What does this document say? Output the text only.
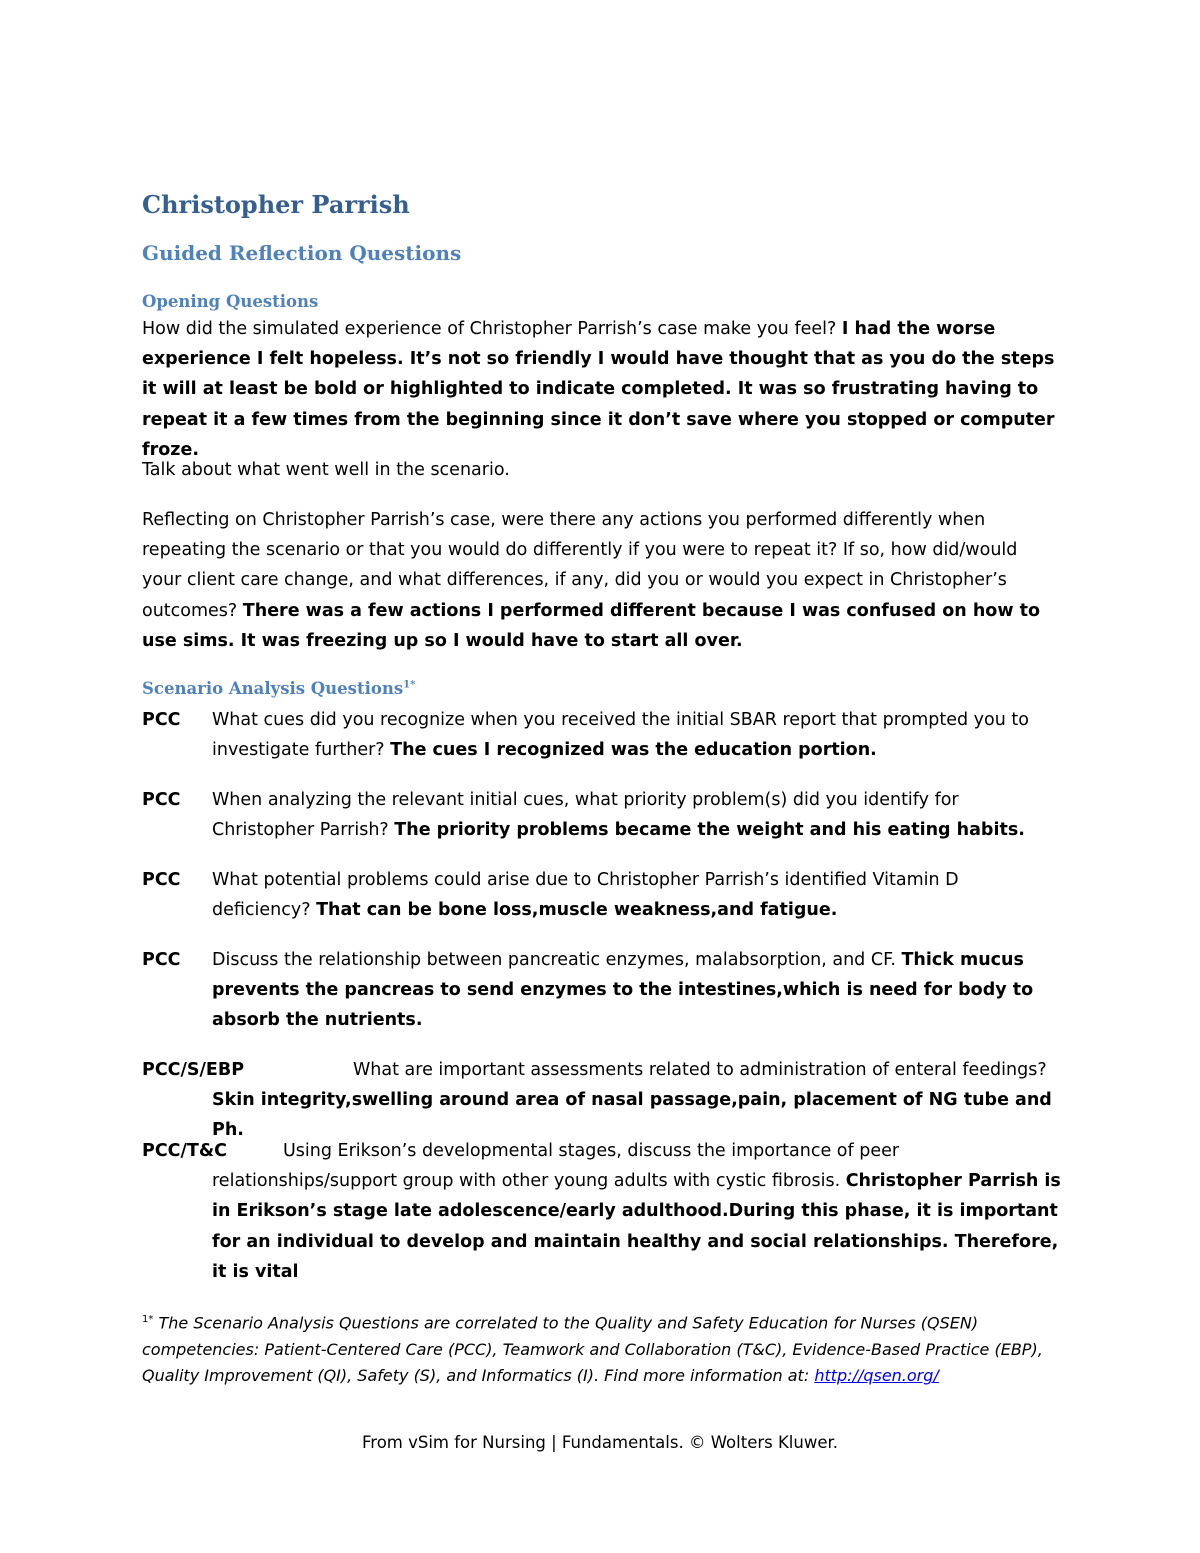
Christopher Parrish
Guided Reflection Questions
Opening Questions

How did the simulated experience of Christopher Parrish’s case make you feel? I had the worse experience I felt hopeless. It’s not so friendly I would have thought that as you do the steps it will at least be bold or highlighted to indicate completed. It was so frustrating having to repeat it a few times from the beginning since it don’t save where you stopped or computer froze.

Talk about what went well in the scenario.

Reflecting on Christopher Parrish’s case, were there any actions you performed differently when repeating the scenario or that you would do differently if you were to repeat it? If so, how did/would your client care change, and what differences, if any, did you or would you expect in Christopher’s outcomes? There was a few actions I performed different because I was confused on how to use sims. It was freezing up so I would have to start all over.

Scenario Analysis Questions$^{1*}$
PCC	What cues did you recognize when you received the initial SBAR report that prompted you to investigate further? The cues I recognized was the education portion.

PCC	When analyzing the relevant initial cues, what priority problem(s) did you identify for Christopher Parrish? The priority problems became the weight and his eating habits.

PCC	What potential problems could arise due to Christopher Parrish’s identified Vitamin D deficiency? That can be bone loss,muscle weakness,and fatigue.

PCC	Discuss the relationship between pancreatic enzymes, malabsorption, and CF. Thick mucus prevents the pancreas to send enzymes to the intestines,which is need for body to absorb the nutrients.

PCC/S/EBP	What are important assessments related to administration of enteral feedings? Skin integrity,swelling around area of nasal passage,pain, placement of NG tube and Ph.

PCC/T&C	Using Erikson’s developmental stages, discuss the importance of peer relationships/support group with other young adults with cystic fibrosis. Christopher Parrish is in Erikson’s stage late adolescence/early adulthood.During this phase, it is important for an individual to develop and maintain healthy and social relationships. Therefore, it is vital

$^{1*}$ The Scenario Analysis Questions are correlated to the Quality and Safety Education for Nurses (QSEN) competencies: Patient-Centered Care (PCC), Teamwork and Collaboration (T&C), Evidence-Based Practice (EBP), Quality Improvement (QI), Safety (S), and Informatics (I). Find more information at: http://qsen.org/

From vSim for Nursing | Fundamentals. © Wolters Kluwer.
